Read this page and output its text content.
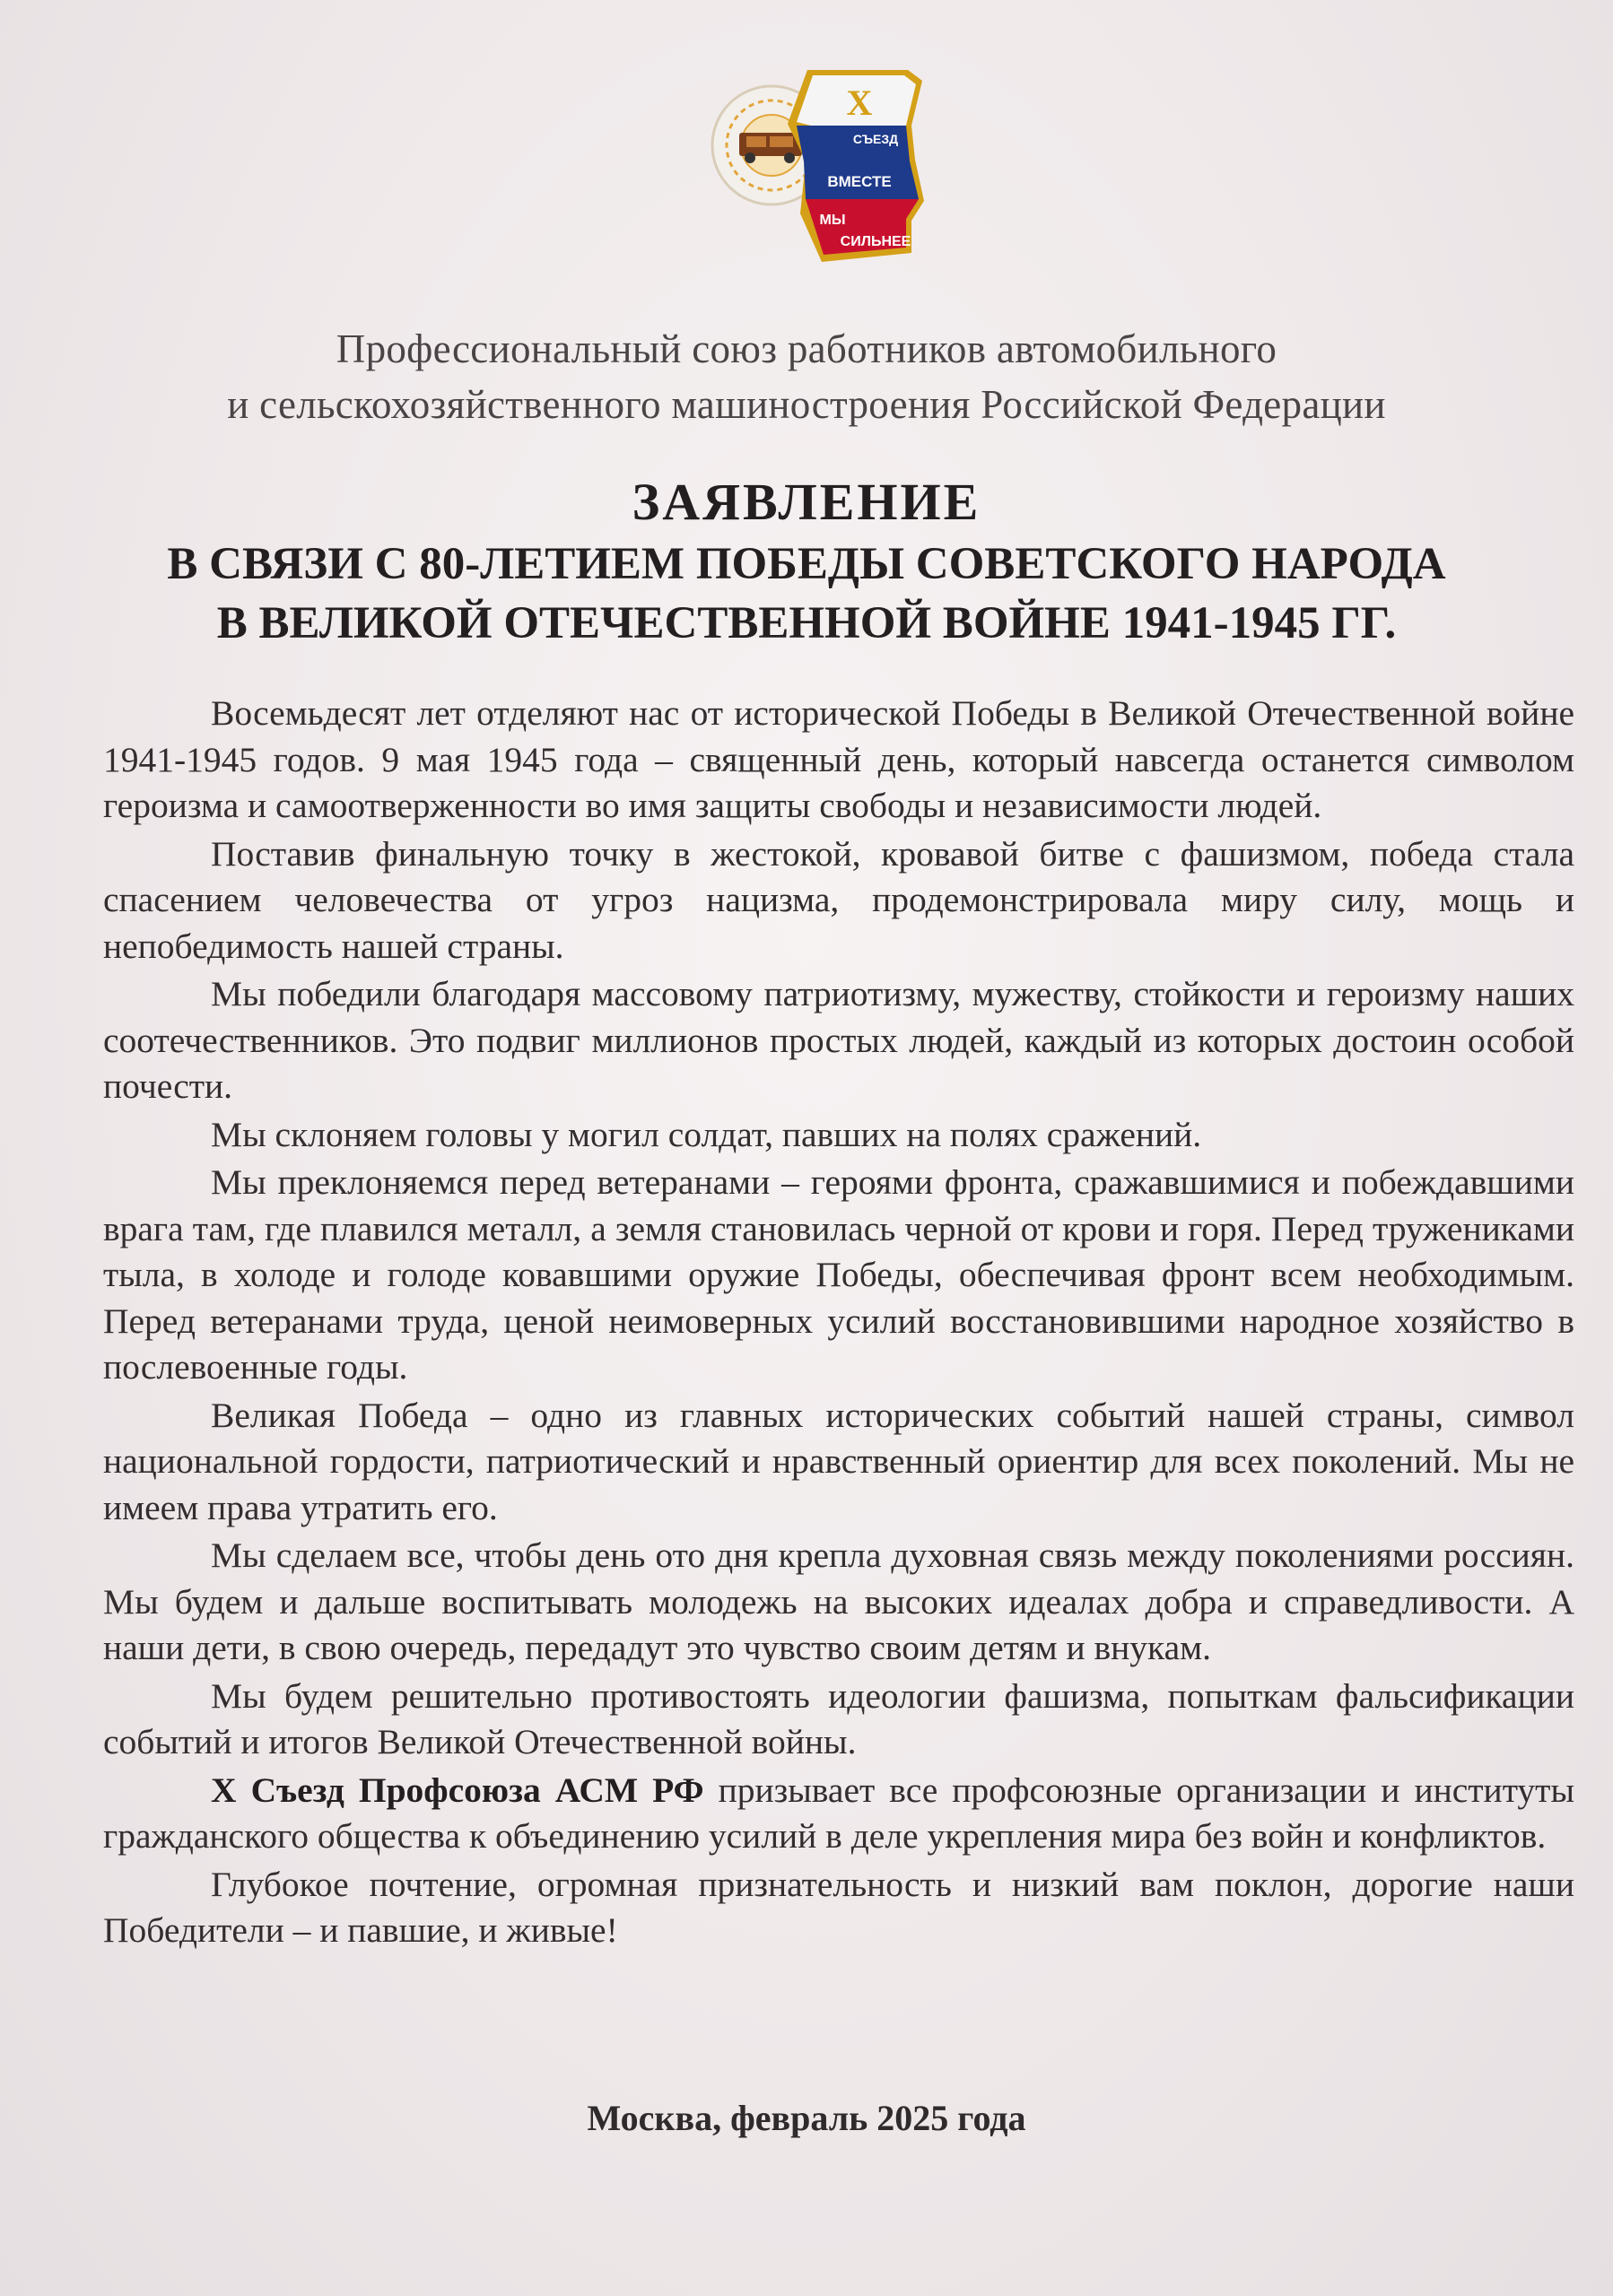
X
СЪЕЗД
ВМЕСТЕ
МЫ
СИЛЬНЕЕ
Профессиональный союз работников автомобильного
и сельскохозяйственного машиностроения Российской Федерации
ЗАЯВЛЕНИЕ
В СВЯЗИ С 80-ЛЕТИЕМ ПОБЕДЫ СОВЕТСКОГО НАРОДА
В ВЕЛИКОЙ ОТЕЧЕСТВЕННОЙ ВОЙНЕ 1941-1945 ГГ.

Восемьдесят лет отделяют нас от исторической Победы в Великой Отечественной войне 1941-1945 годов. 9 мая 1945 года – священный день, который навсегда останется символом героизма и самоотверженности во имя защиты свободы и независимости людей.

Поставив финальную точку в жестокой, кровавой битве с фашизмом, победа стала спасением человечества от угроз нацизма, продемонстрировала миру силу, мощь и непобедимость нашей страны.

Мы победили благодаря массовому патриотизму, мужеству, стойкости и героизму наших соотечественников. Это подвиг миллионов простых людей, каждый из которых достоин особой почести.

Мы склоняем головы у могил солдат, павших на полях сражений.

Мы преклоняемся перед ветеранами – героями фронта, сражавшимися и побеждавшими врага там, где плавился металл, а земля становилась черной от крови и горя. Перед тружениками тыла, в холоде и голоде ковавшими оружие Победы, обеспечивая фронт всем необходимым. Перед ветеранами труда, ценой неимоверных усилий восстановившими народное хозяйство в послевоенные годы.

Великая Победа – одно из главных исторических событий нашей страны, символ национальной гордости, патриотический и нравственный ориентир для всех поколений. Мы не имеем права утратить его.

Мы сделаем все, чтобы день ото дня крепла духовная связь между поколениями россиян. Мы будем и дальше воспитывать молодежь на высоких идеалах добра и справедливости. А наши дети, в свою очередь, передадут это чувство своим детям и внукам.

Мы будем решительно противостоять идеологии фашизма, попыткам фальсификации событий и итогов Великой Отечественной войны.

Х Съезд Профсоюза АСМ РФ призывает все профсоюзные организации и институты гражданского общества к объединению усилий в деле укрепления мира без войн и конфликтов.

Глубокое почтение, огромная признательность и низкий вам поклон, дорогие наши Победители – и павшие, и живые!

Москва, февраль 2025 года
